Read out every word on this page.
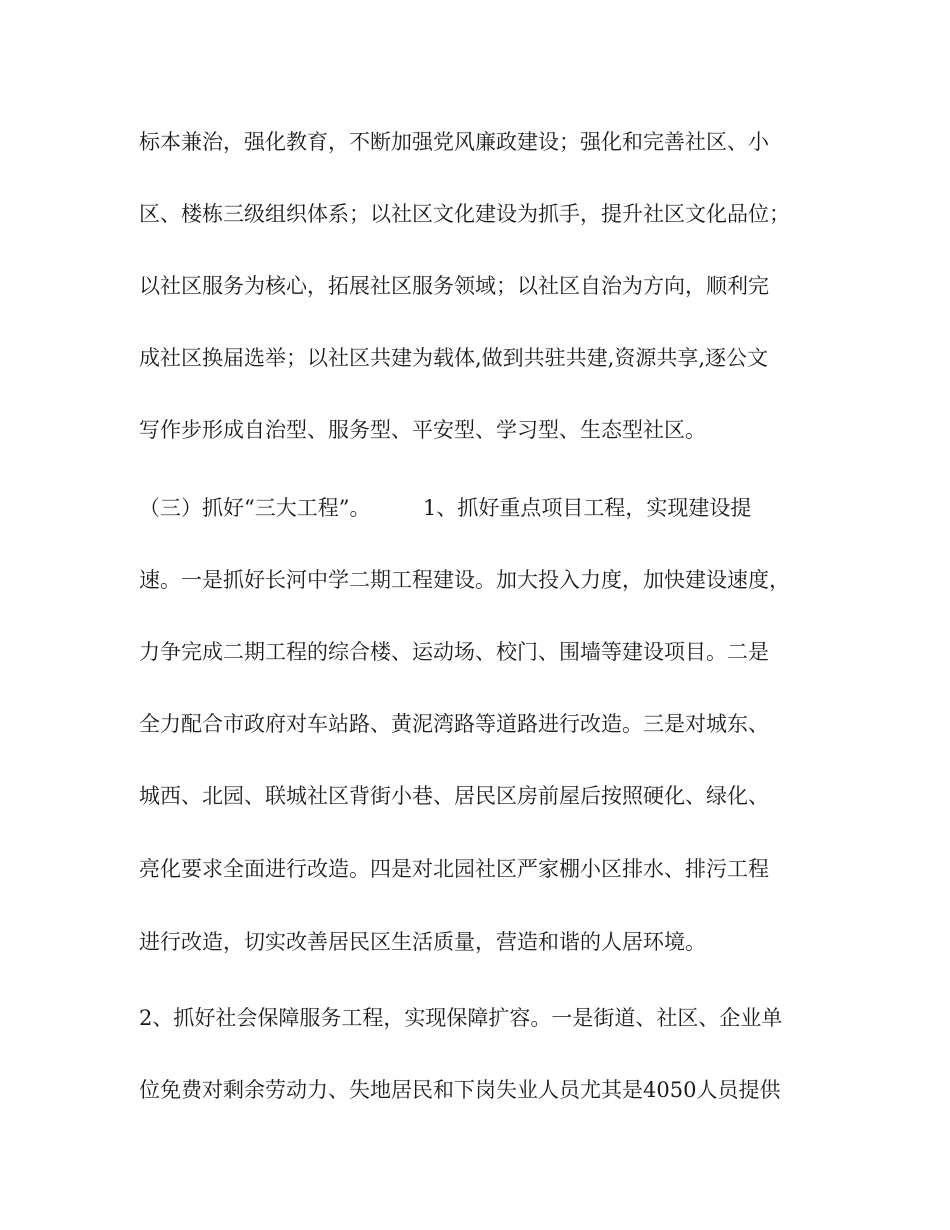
标本兼治，强化教育，不断加强党风廉政建设；强化和完善社区、小
区、楼栋三级组织体系；以社区文化建设为抓手，提升社区文化品位；
以社区服务为核心，拓展社区服务领域；以社区自治为方向，顺利完
成社区换届选举；以社区共建为载体,做到共驻共建,资源共享,逐公文
写作步形成自治型、服务型、平安型、学习型、生态型社区。
（三）抓好“三大工程”。　　　1、抓好重点项目工程，实现建设提
速。一是抓好长河中学二期工程建设。加大投入力度，加快建设速度，
力争完成二期工程的综合楼、运动场、校门、围墙等建设项目。二是
全力配合市政府对车站路、黄泥湾路等道路进行改造。三是对城东、
城西、北园、联城社区背街小巷、居民区房前屋后按照硬化、绿化、
亮化要求全面进行改造。四是对北园社区严家棚小区排水、排污工程
进行改造，切实改善居民区生活质量，营造和谐的人居环境。
2、抓好社会保障服务工程，实现保障扩容。一是街道、社区、企业单
位免费对剩余劳动力、失地居民和下岗失业人员尤其是4050人员提供
